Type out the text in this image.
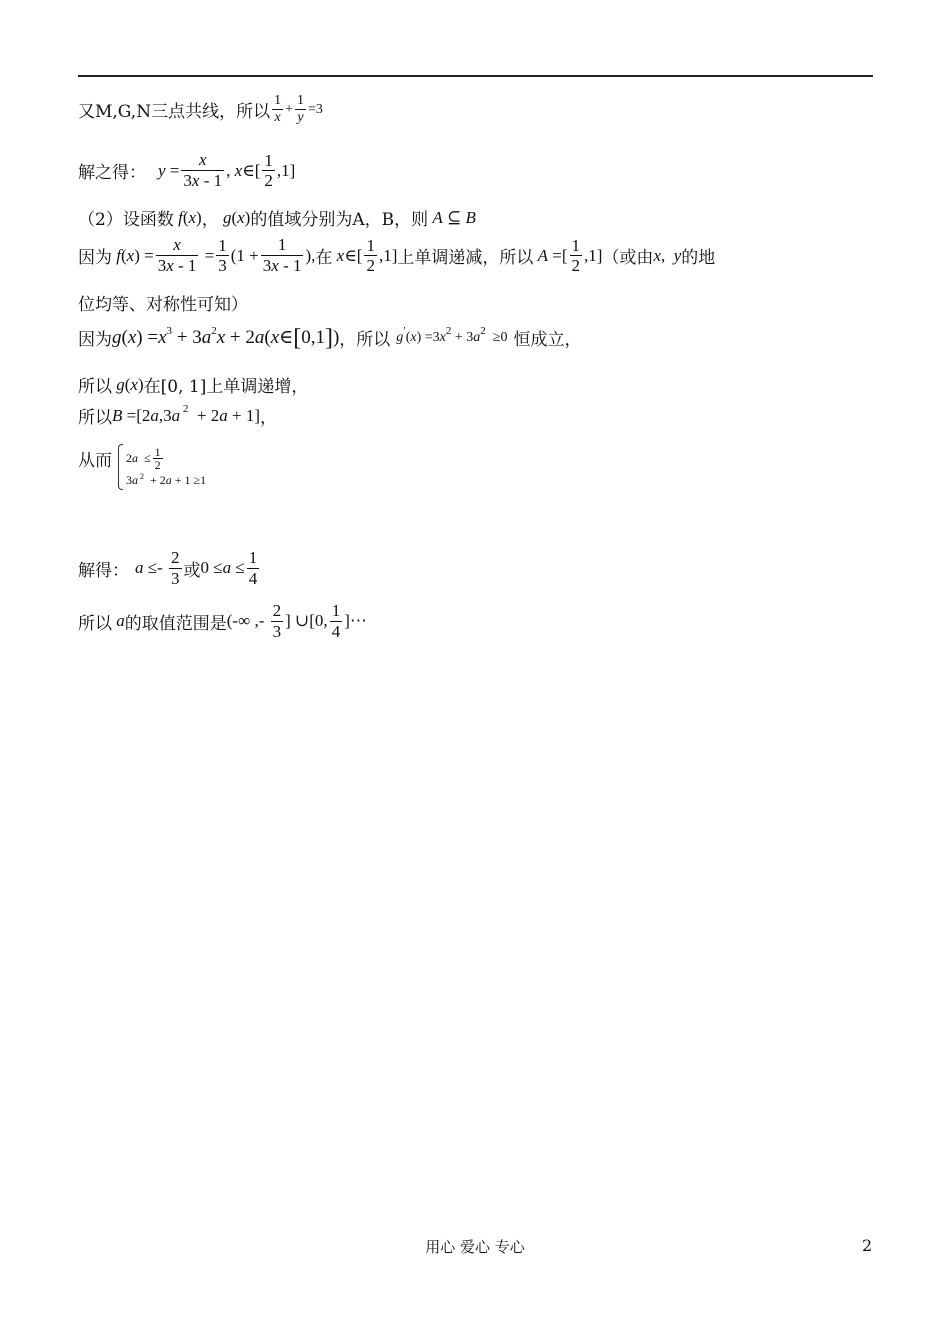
又M,G,N三点共线，所以 $\frac{1}{x} + \frac{1}{y} =3$
解之得： $y = \frac{x}{3x - 1}$ , x ∈[ $\frac{1}{2} ,1$]
（2）设函数 f ( x ) ， g ( x ) 的值域分别为A，B，则 A ⊆ B
因为 f ( x ) = $\frac{x}{3x - 1} = \frac{1}{3} (1 + \frac{1}{3x - 1}$ ), 在 x ∈[ $\frac{1}{2} ,1$] 上单调递减，所以 A =[ $\frac{1}{2} ,1$] （或由 x , y 的地
位均等、对称性可知）
因为 g ( x ) = x 3 + 3 a 2 x + 2 a ( x ∈ [ 0,1 ] ) ，所以 g ′ ( x ) =3 x 2 + 3 a 2 ≥0 恒成立，
所以 g ( x ) 在[0, 1]上单调递增，
所以 B =[2 a ,3 a 2 + 2 a + 1] ，
从而 2 $a \le \frac{1}{2}$
3 a 2 + 2 a + 1 ≥1
解得： $a \le- \frac{2}{3}$ 或 $0 \le a \le \frac{1}{4}$
所以 a 的取值范围是 (-∞ ,- $\frac{2}{3}$ ] ∪[0, $\frac{1}{4}$ ]⋯
用心 爱心 专心	2
